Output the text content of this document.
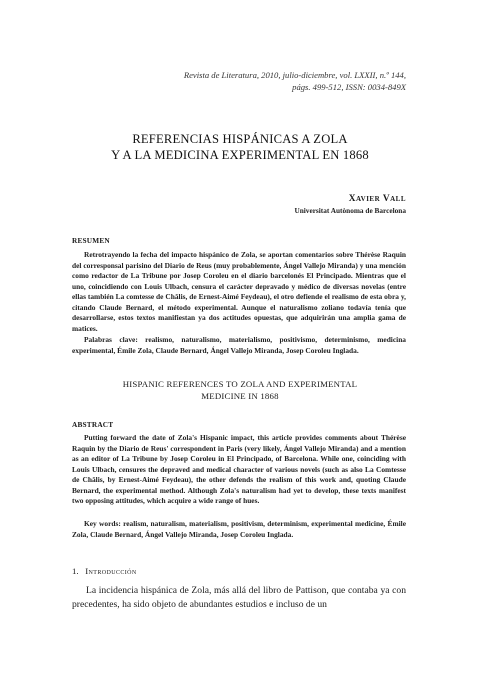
Revista de Literatura, 2010, julio-diciembre, vol. LXXII, n.º 144,
págs. 499-512, ISSN: 0034-849X
REFERENCIAS HISPÁNICAS A ZOLA
Y A LA MEDICINA EXPERIMENTAL EN 1868
Xavier Vall
Universitat Autònoma de Barcelona
RESUMEN
Retrotrayendo la fecha del impacto hispánico de Zola, se aportan comentarios sobre Thérèse Raquin del corresponsal parisino del Diario de Reus (muy probablemente, Ángel Vallejo Miranda) y una mención como redactor de La Tribune por Josep Coroleu en el diario barcelonés El Principado. Mientras que el uno, coincidiendo con Louis Ulbach, censura el carácter depravado y médico de diversas novelas (entre ellas también La comtesse de Châlis, de Ernest-Aimé Feydeau), el otro defiende el realismo de esta obra y, citando Claude Bernard, el método experimental. Aunque el naturalismo zoliano todavía tenía que desarrollarse, estos textos manifiestan ya dos actitudes opuestas, que adquirirán una amplia gama de matices.
Palabras clave: realismo, naturalismo, materialismo, positivismo, determinismo, medicina experimental, Émile Zola, Claude Bernard, Ángel Vallejo Miranda, Josep Coroleu Inglada.
HISPANIC REFERENCES TO ZOLA AND EXPERIMENTAL
MEDICINE IN 1868
ABSTRACT
Putting forward the date of Zola's Hispanic impact, this article provides comments about Thérèse Raquin by the Diario de Reus' correspondent in Paris (very likely, Ángel Vallejo Miranda) and a mention as an editor of La Tribune by Josep Coroleu in El Principado, of Barcelona. While one, coinciding with Louis Ulbach, censures the depraved and medical character of various novels (such as also La Comtesse de Châlis, by Ernest-Aimé Feydeau), the other defends the realism of this work and, quoting Claude Bernard, the experimental method. Although Zola's naturalism had yet to develop, these texts manifest two opposing attitudes, which acquire a wide range of hues.
Key words: realism, naturalism, materialism, positivism, determinism, experimental medicine, Émile Zola, Claude Bernard, Ángel Vallejo Miranda, Josep Coroleu Inglada.
1. Introducción
La incidencia hispánica de Zola, más allá del libro de Pattison, que contaba ya con precedentes, ha sido objeto de abundantes estudios e incluso de un
